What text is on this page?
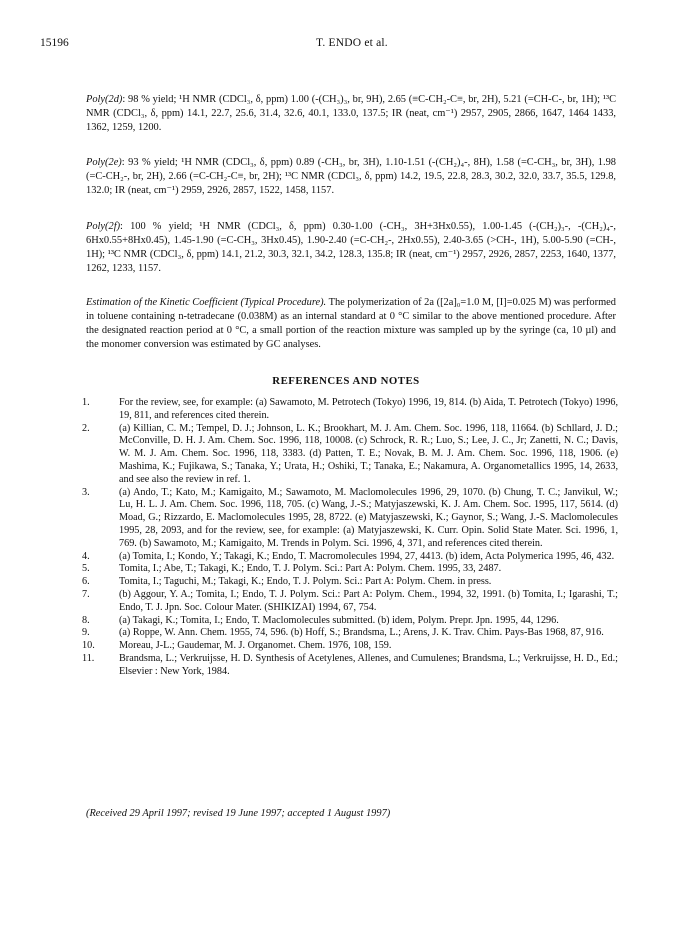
15196	T. ENDO et al.
Poly(2d): 98 % yield; ¹H NMR (CDCl₃, δ, ppm) 1.00 (-(CH₃)₃, br, 9H), 2.65 (≡C-CH₂-C≡, br, 2H), 5.21 (=CH-C-, br, 1H); ¹³C NMR (CDCl₃, δ, ppm) 14.1, 22.7, 25.6, 31.4, 32.6, 40.1, 133.0, 137.5; IR (neat, cm⁻¹) 2957, 2905, 2866, 1647, 1464 1433, 1362, 1259, 1200.
Poly(2e): 93 % yield; ¹H NMR (CDCl₃, δ, ppm) 0.89 (-CH₃, br, 3H), 1.10-1.51 (-(CH₂)₄-, 8H), 1.58 (=C-CH₃, br, 3H), 1.98 (=C-CH₂-, br, 2H), 2.66 (=C-CH₂-C≡, br, 2H); ¹³C NMR (CDCl₃, δ, ppm) 14.2, 19.5, 22.8, 28.3, 30.2, 32.0, 33.7, 35.5, 129.8, 132.0; IR (neat, cm⁻¹) 2959, 2926, 2857, 1522, 1458, 1157.
Poly(2f): 100 % yield; ¹H NMR (CDCl₃, δ, ppm) 0.30-1.00 (-CH₃, 3H+3Hx0.55), 1.00-1.45 (-(CH₂)₃-, -(CH₂)₄-, 6Hx0.55+8Hx0.45), 1.45-1.90 (=C-CH₃, 3Hx0.45), 1.90-2.40 (=C-CH₂-, 2Hx0.55), 2.40-3.65 (>CH-, 1H), 5.00-5.90 (=CH-, 1H); ¹³C NMR (CDCl₃, δ, ppm) 14.1, 21.2, 30.3, 32.1, 34.2, 128.3, 135.8; IR (neat, cm⁻¹) 2957, 2926, 2857, 2253, 1640, 1377, 1262, 1233, 1157.
Estimation of the Kinetic Coefficient (Typical Procedure). The polymerization of 2a ([2a]₀=1.0 M, [I]=0.025 M) was performed in toluene containing n-tetradecane (0.038M) as an internal standard at 0 °C similar to the above mentioned procedure. After the designated reaction period at 0 °C, a small portion of the reaction mixture was sampled up by the syringe (ca, 10 µl) and the monomer conversion was estimated by GC analyses.
REFERENCES AND NOTES
1.	For the review, see, for example: (a) Sawamoto, M. Petrotech (Tokyo) 1996, 19, 814. (b) Aida, T. Petrotech (Tokyo) 1996, 19, 811, and references cited therein.
2.	(a) Killian, C. M.; Tempel, D. J.; Johnson, L. K.; Brookhart, M. J. Am. Chem. Soc. 1996, 118, 11664. (b) Schllard, J. D.; McConville, D. H. J. Am. Chem. Soc. 1996, 118, 10008. (c) Schrock, R. R.; Luo, S.; Lee, J. C., Jr; Zanetti, N. C.; Davis, W. M. J. Am. Chem. Soc. 1996, 118, 3383. (d) Patten, T. E.; Novak, B. M. J. Am. Chem. Soc. 1996, 118, 1906. (e) Mashima, K.; Fujikawa, S.; Tanaka, Y.; Urata, H.; Oshiki, T.; Tanaka, E.; Nakamura, A. Organometallics 1995, 14, 2633, and see also the review in ref. 1.
3.	(a) Ando, T.; Kato, M.; Kamigaito, M.; Sawamoto, M. Maclomolecules 1996, 29, 1070. (b) Chung, T. C.; Janvikul, W.; Lu, H. L. J. Am. Chem. Soc. 1996, 118, 705. (c) Wang, J.-S.; Matyjaszewski, K. J. Am. Chem. Soc. 1995, 117, 5614. (d) Moad, G.; Rizzardo, E. Maclomolecules 1995, 28, 8722. (e) Matyjaszewski, K.; Gaynor, S.; Wang, J.-S. Maclomolecules 1995, 28, 2093, and for the review, see, for example: (a) Matyjaszewski, K. Curr. Opin. Solid State Mater. Sci. 1996, 1, 769. (b) Sawamoto, M.; Kamigaito, M. Trends in Polym. Sci. 1996, 4, 371, and references cited therein.
4.	(a) Tomita, I.; Kondo, Y.; Takagi, K.; Endo, T. Macromolecules 1994, 27, 4413. (b) idem, Acta Polymerica 1995, 46, 432.
5.	Tomita, I.; Abe, T.; Takagi, K.; Endo, T. J. Polym. Sci.: Part A: Polym. Chem. 1995, 33, 2487.
6.	Tomita, I.; Taguchi, M.; Takagi, K.; Endo, T. J. Polym. Sci.: Part A: Polym. Chem. in press.
7.	(b) Aggour, Y. A.; Tomita, I.; Endo, T. J. Polym. Sci.: Part A: Polym. Chem., 1994, 32, 1991. (b) Tomita, I.; Igarashi, T.; Endo, T. J. Jpn. Soc. Colour Mater. (SHIKIZAI) 1994, 67, 754.
8.	(a) Takagi, K.; Tomita, I.; Endo, T. Maclomolecules submitted. (b) idem, Polym. Prepr. Jpn. 1995, 44, 1296.
9.	(a) Roppe, W. Ann. Chem. 1955, 74, 596. (b) Hoff, S.; Brandsma, L.; Arens, J. K. Trav. Chim. Pays-Bas 1968, 87, 916.
10.	Moreau, J-L.; Gaudemar, M. J. Organomet. Chem. 1976, 108, 159.
11.	Brandsma, L.; Verkruijsse, H. D. Synthesis of Acetylenes, Allenes, and Cumulenes; Brandsma, L.; Verkruijsse, H. D., Ed.; Elsevier : New York, 1984.
(Received 29 April 1997; revised 19 June 1997; accepted 1 August 1997)
